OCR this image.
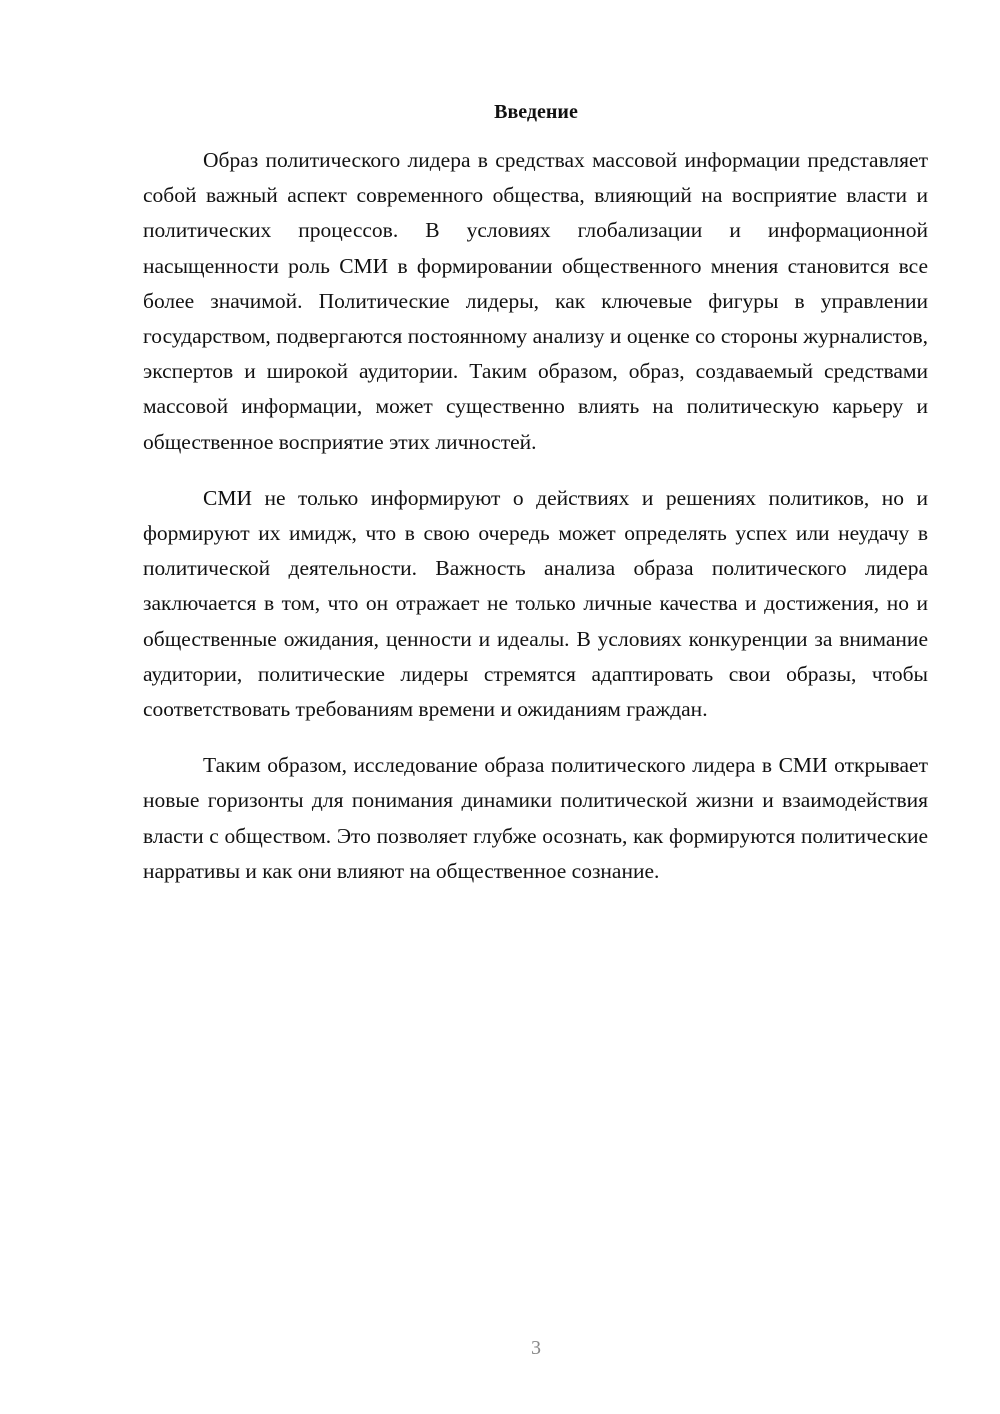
Введение

Образ политического лидера в средствах массовой информации представляет собой важный аспект современного общества, влияющий на восприятие власти и политических процессов. В условиях глобализации и информационной насыщенности роль СМИ в формировании общественного мнения становится все более значимой. Политические лидеры, как ключевые фигуры в управлении государством, подвергаются постоянному анализу и оценке со стороны журналистов, экспертов и широкой аудитории. Таким образом, образ, создаваемый средствами массовой информации, может существенно влиять на политическую карьеру и общественное восприятие этих личностей.

СМИ не только информируют о действиях и решениях политиков, но и формируют их имидж, что в свою очередь может определять успех или неудачу в политической деятельности. Важность анализа образа политического лидера заключается в том, что он отражает не только личные качества и достижения, но и общественные ожидания, ценности и идеалы. В условиях конкуренции за внимание аудитории, политические лидеры стремятся адаптировать свои образы, чтобы соответствовать требованиям времени и ожиданиям граждан.

Таким образом, исследование образа политического лидера в СМИ открывает новые горизонты для понимания динамики политической жизни и взаимодействия власти с обществом. Это позволяет глубже осознать, как формируются политические нарративы и как они влияют на общественное сознание.

3
